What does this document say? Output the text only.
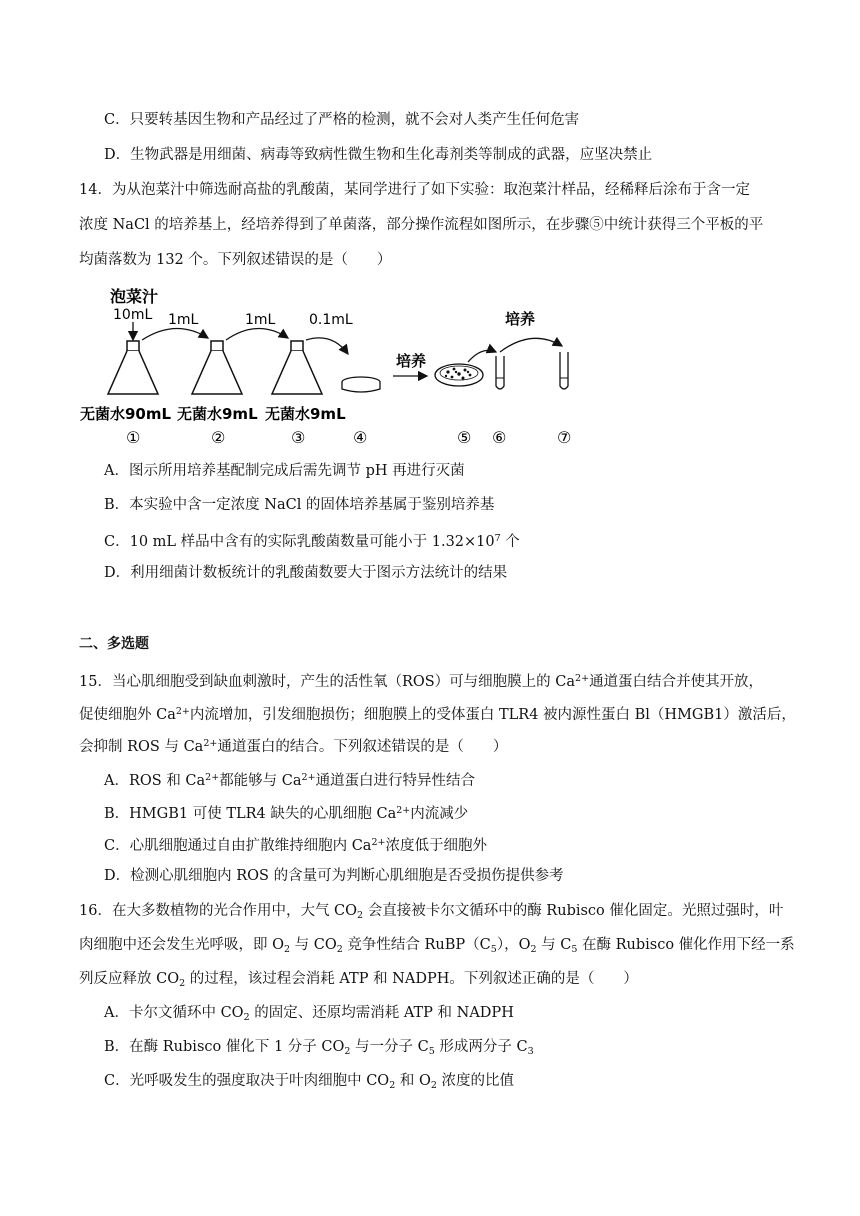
C．只要转基因生物和产品经过了严格的检测，就不会对人类产生任何危害
D．生物武器是用细菌、病毒等致病性微生物和生化毒剂类等制成的武器，应坚决禁止
14．为从泡菜汁中筛选耐高盐的乳酸菌，某同学进行了如下实验：取泡菜汁样品，经稀释后涂布于含一定
浓度 NaCl 的培养基上，经培养得到了单菌落，部分操作流程如图所示，在步骤⑤中统计获得三个平板的平
均菌落数为 132 个。下列叙述错误的是（　　）
泡菜汁
10mL 1mL	1mL 0.1mL
培养
培养
无菌水90mL 无菌水9mL 无菌水9mL
①	②	③	④	⑤ ⑥	⑦
A．图示所用培养基配制完成后需先调节 pH 再进行灭菌
B．本实验中含一定浓度 NaCl 的固体培养基属于鉴别培养基
C．10 mL 样品中含有的实际乳酸菌数量可能小于 $1.32\times 10^7$ 个
D．利用细菌计数板统计的乳酸菌数要大于图示方法统计的结果
二、多选题
15．当心肌细胞受到缺血刺激时，产生的活性氧（ROS）可与细胞膜上的 $Ca^{2+}$通道蛋白结合并使其开放，
促使细胞外 $Ca^{2+}$内流增加，引发细胞损伤；细胞膜上的受体蛋白 TLR4 被内源性蛋白 Bl（HMGB1）激活后，
会抑制 ROS 与 $Ca^{2+}$通道蛋白的结合。下列叙述错误的是（　　）
A．ROS 和 $Ca^{2+}$都能够与 $Ca^{2+}$通道蛋白进行特异性结合
B．HMGB1 可使 TLR4 缺失的心肌细胞 $Ca^{2+}$内流减少
C．心肌细胞通过自由扩散维持细胞内 $Ca^{2+}$浓度低于细胞外
D．检测心肌细胞内 ROS 的含量可为判断心肌细胞是否受损伤提供参考
16．在大多数植物的光合作用中，大气 $CO_2$ 会直接被卡尔文循环中的酶 Rubisco 催化固定。光照过强时，叶
肉细胞中还会发生光呼吸，即 $O_2$ 与 $CO_2$ 竞争性结合 $RuBP(C_5)$，$O_2$ 与 $C_5$ 在酶 Rubisco 催化作用下经一系
列反应释放 $CO_2$ 的过程，该过程会消耗 ATP 和 NADPH。下列叙述正确的是（　　）
A．卡尔文循环中 $CO_2$ 的固定、还原均需消耗 ATP 和 NADPH
B．在酶 Rubisco 催化下 1 分子 $CO_2$ 与一分子 $C_5$ 形成两分子 $C_3$
C．光呼吸发生的强度取决于叶肉细胞中 $CO_2$ 和 $O_2$ 浓度的比值
